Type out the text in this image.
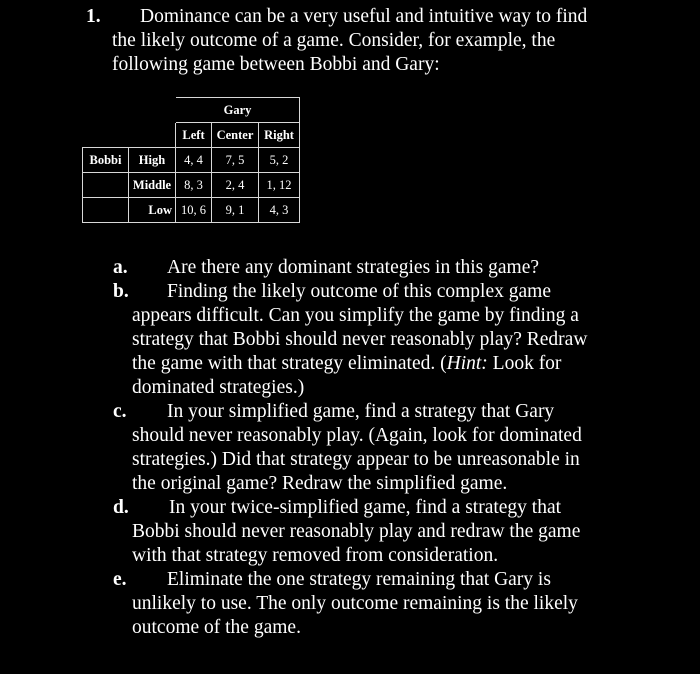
1. Dominance can be a very useful and intuitive way to find
the likely outcome of a game. Consider, for example, the
following game between Bobbi and Gary:
		Gary		
		Left	Center	Right
Bobbi	High	4, 4	7, 5	5, 2
	Middle	8, 3	2, 4	1, 12
	Low	10, 6	9, 1	4, 3
a. Are there any dominant strategies in this game?
b. Finding the likely outcome of this complex game
appears difficult. Can you simplify the game by finding a
strategy that Bobbi should never reasonably play? Redraw
the game with that strategy eliminated. (Hint: Look for
dominated strategies.)
c. In your simplified game, find a strategy that Gary
should never reasonably play. (Again, look for dominated
strategies.) Did that strategy appear to be unreasonable in
the original game? Redraw the simplified game.
d. In your twice-simplified game, find a strategy that
Bobbi should never reasonably play and redraw the game
with that strategy removed from consideration.
e. Eliminate the one strategy remaining that Gary is
unlikely to use. The only outcome remaining is the likely
outcome of the game.
